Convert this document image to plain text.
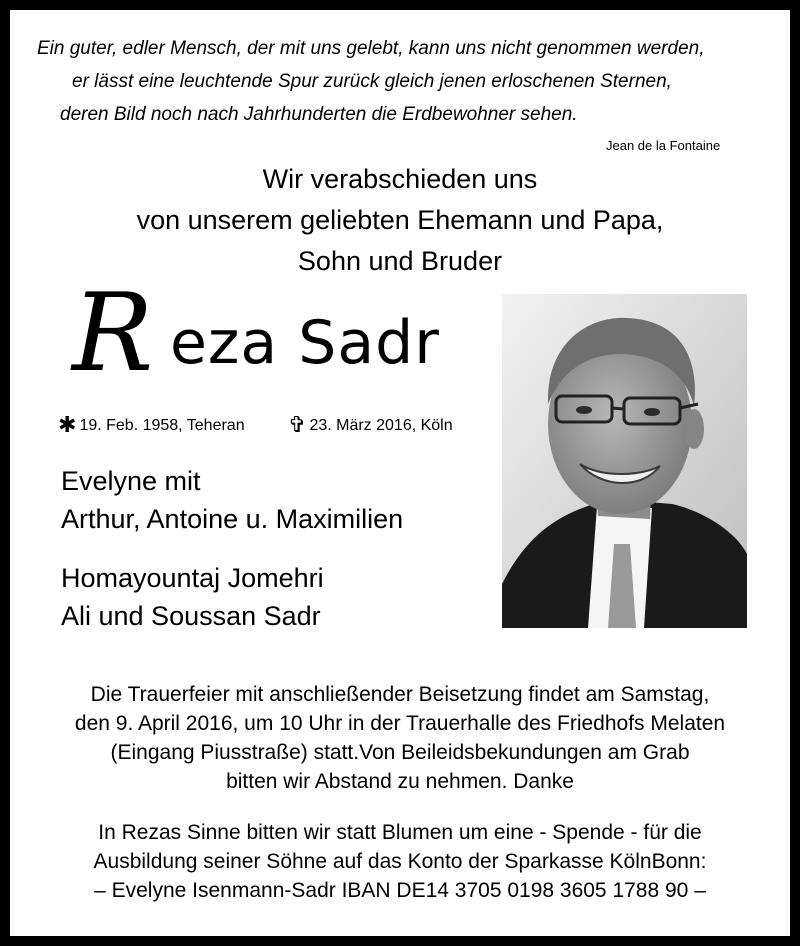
Ein guter, edler Mensch, der mit uns gelebt, kann uns nicht genommen werden,
er lässt eine leuchtende Spur zurück gleich jenen erloschenen Sternen,
deren Bild noch nach Jahrhunderten die Erdbewohner sehen.
Jean de la Fontaine
Wir verabschieden uns
von unserem geliebten Ehemann und Papa,
Sohn und Bruder
R eza Sadr
✱ 19. Feb. 1958, Teheran ✞ 23. März 2016, Köln
Evelyne mit
Arthur, Antoine u. Maximilien
Homayountaj Jomehri
Ali und Soussan Sadr
Die Trauerfeier mit anschließender Beisetzung findet am Samstag,
den 9. April 2016, um 10 Uhr in der Trauerhalle des Friedhofs Melaten
(Eingang Piusstraße) statt.Von Beileidsbekundungen am Grab
bitten wir Abstand zu nehmen. Danke
In Rezas Sinne bitten wir statt Blumen um eine - Spende - für die
Ausbildung seiner Söhne auf das Konto der Sparkasse KölnBonn:
– Evelyne Isenmann-Sadr IBAN DE14 3705 0198 3605 1788 90 –
